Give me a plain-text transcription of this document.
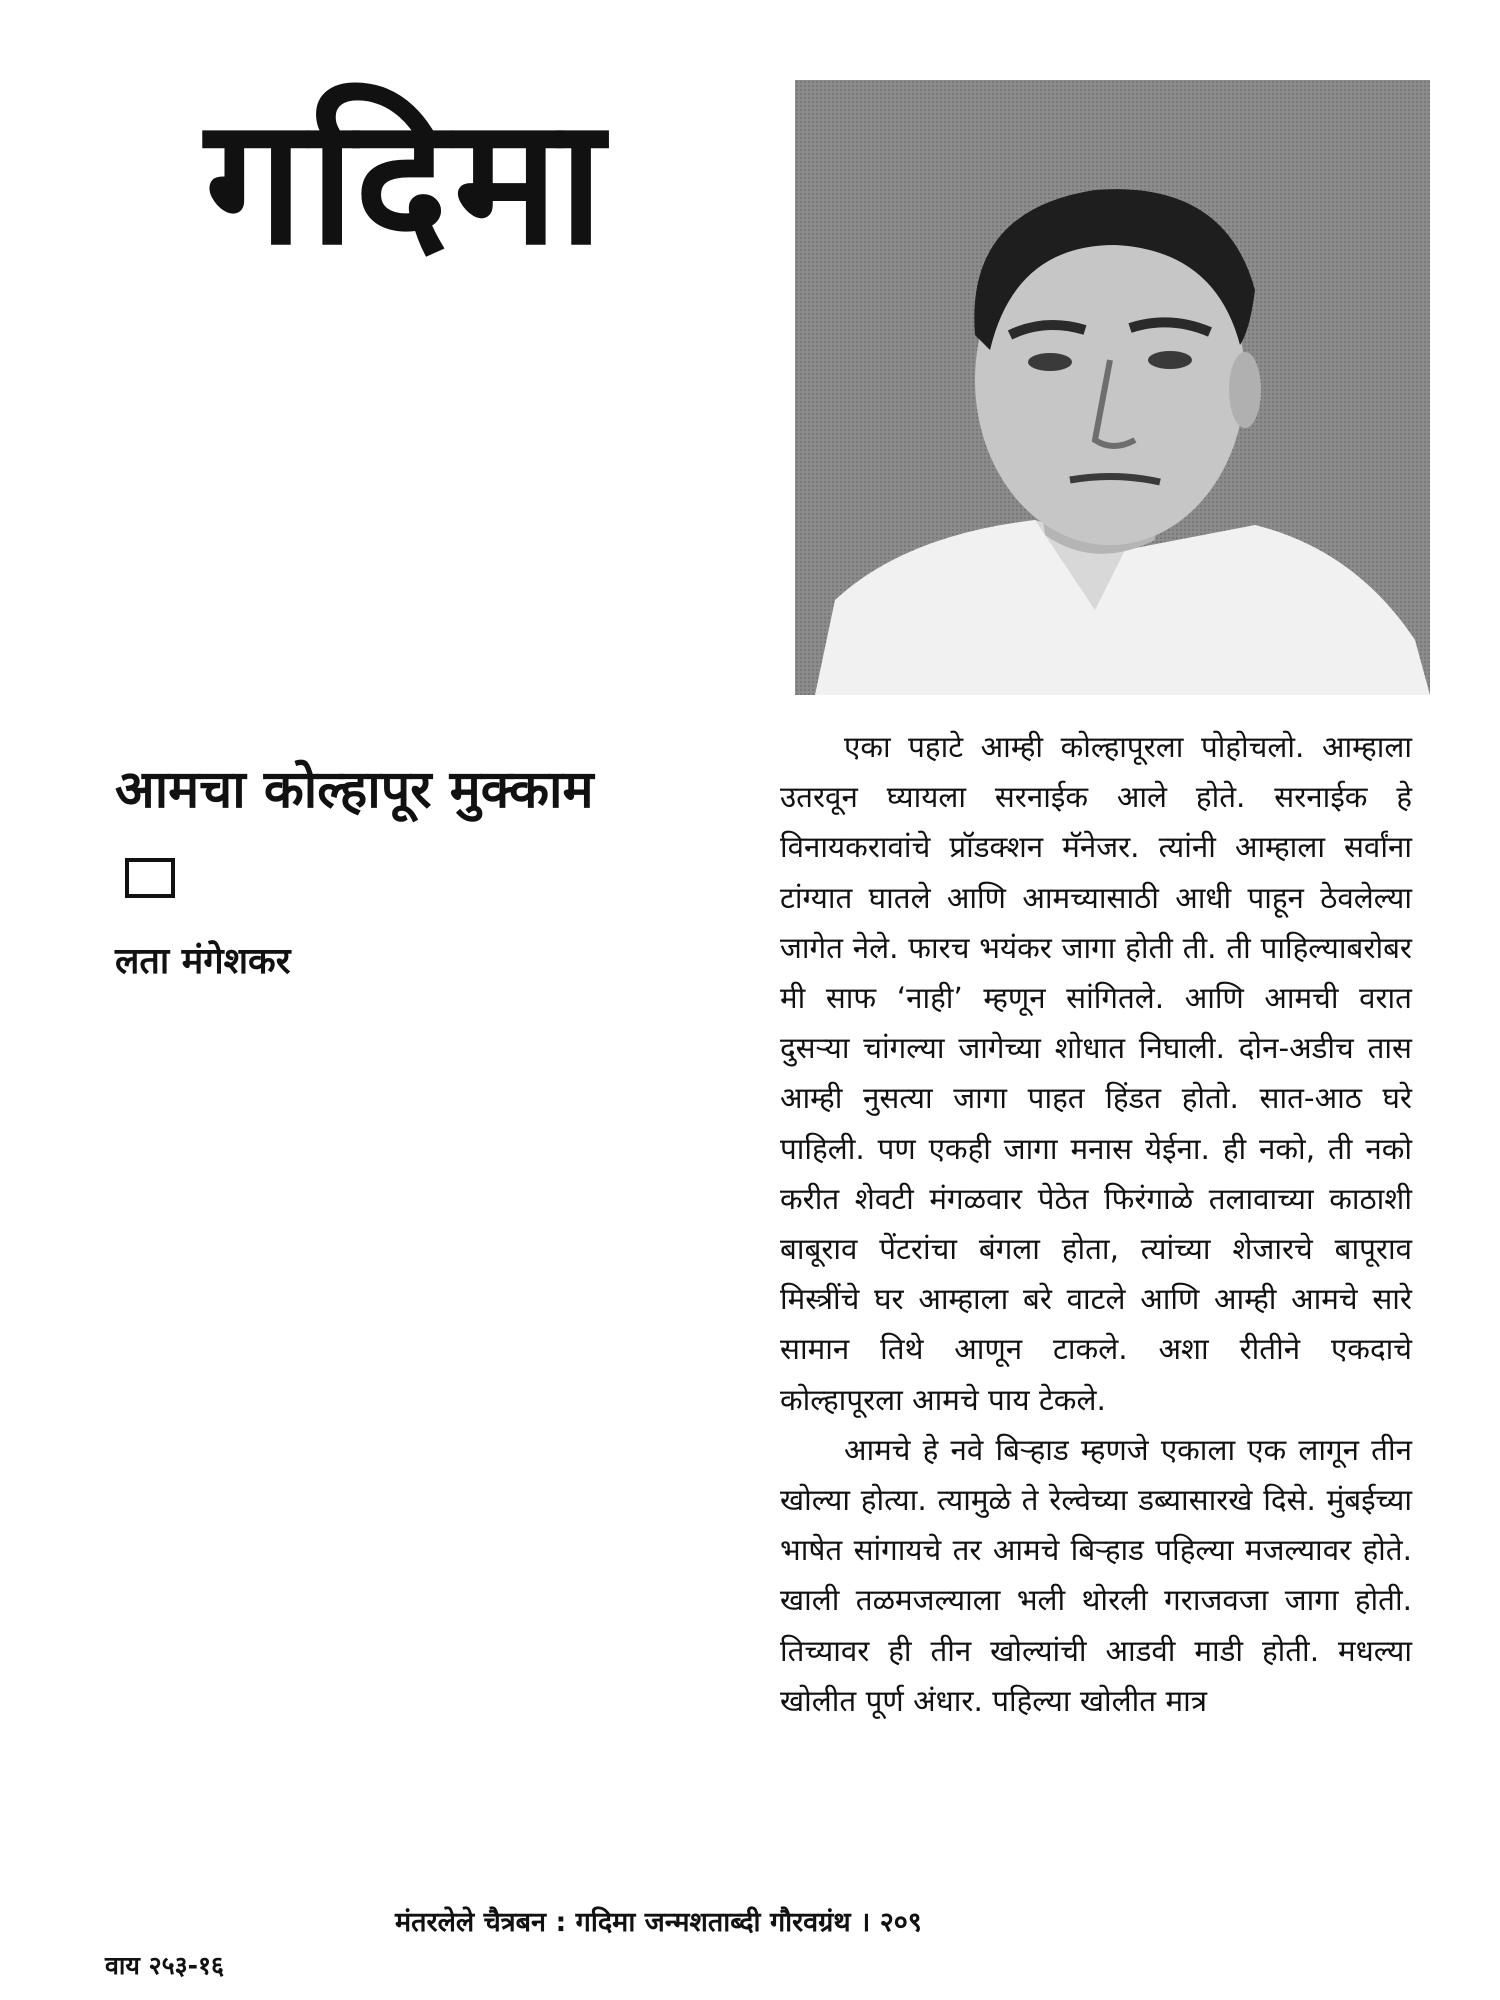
गदिमा
आमचा कोल्हापूर मुक्काम
लता मंगेशकर

एका पहाटे आम्ही कोल्हापूरला पोहोचलो. आम्हाला उतरवून घ्यायला सरनाईक आले होते. सरनाईक हे विनायकरावांचे प्रॉडक्शन मॅनेजर. त्यांनी आम्हाला सर्वांना टांग्यात घातले आणि आमच्यासाठी आधी पाहून ठेवलेल्या जागेत नेले. फारच भयंकर जागा होती ती. ती पाहिल्याबरोबर मी साफ ‘नाही’ म्हणून सांगितले. आणि आमची वरात दुसऱ्या चांगल्या जागेच्या शोधात निघाली. दोन-अडीच तास आम्ही नुसत्या जागा पाहत हिंडत होतो. सात-आठ घरे पाहिली. पण एकही जागा मनास येईना. ही नको, ती नको करीत शेवटी मंगळवार पेठेत फिरंगाळे तलावाच्या काठाशी बाबूराव पेंटरांचा बंगला होता, त्यांच्या शेजारचे बापूराव मिस्त्रींचे घर आम्हाला बरे वाटले आणि आम्ही आमचे सारे सामान तिथे आणून टाकले. अशा रीतीने एकदाचे कोल्हापूरला आमचे पाय टेकले.

आमचे हे नवे बिऱ्हाड म्हणजे एकाला एक लागून तीन खोल्या होत्या. त्यामुळे ते रेल्वेच्या डब्यासारखे दिसे. मुंबईच्या भाषेत सांगायचे तर आमचे बिऱ्हाड पहिल्या मजल्यावर होते. खाली तळमजल्याला भली थोरली गराजवजा जागा होती. तिच्यावर ही तीन खोल्यांची आडवी माडी होती. मधल्या खोलीत पूर्ण अंधार. पहिल्या खोलीत मात्र

मंतरलेले चैत्रबन : गदिमा जन्मशताब्दी गौरवग्रंथ । २०९
वाय २५३-१६
